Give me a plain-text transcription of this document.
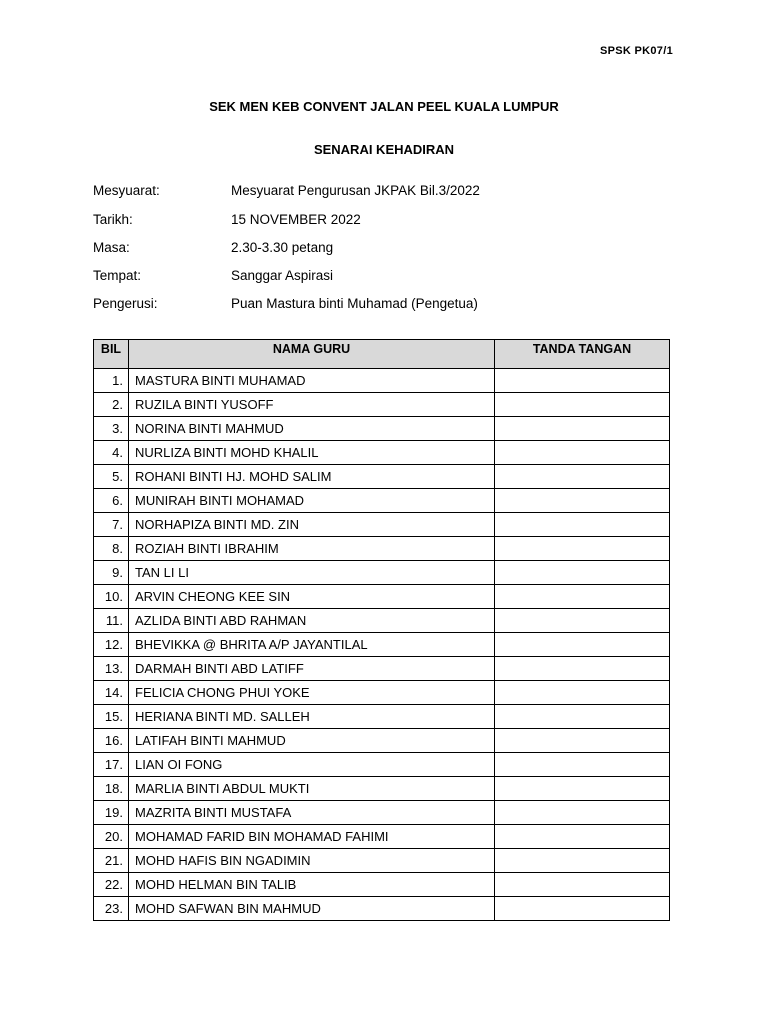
SPSK PK07/1
SEK MEN KEB CONVENT JALAN PEEL KUALA LUMPUR
SENARAI KEHADIRAN
Mesyuarat:	Mesyuarat Pengurusan JKPAK Bil.3/2022
Tarikh:	15 NOVEMBER 2022
Masa:	2.30-3.30 petang
Tempat:	Sanggar Aspirasi
Pengerusi:	Puan Mastura binti Muhamad (Pengetua)
BIL	NAMA GURU	TANDA TANGAN
1.	MASTURA BINTI MUHAMAD	
2.	RUZILA BINTI YUSOFF	
3.	NORINA BINTI MAHMUD	
4.	NURLIZA BINTI MOHD KHALIL	
5.	ROHANI BINTI HJ. MOHD SALIM	
6.	MUNIRAH BINTI MOHAMAD	
7.	NORHAPIZA BINTI MD. ZIN	
8.	ROZIAH BINTI IBRAHIM	
9.	TAN LI LI	
10.	ARVIN CHEONG KEE SIN	
11.	AZLIDA BINTI ABD RAHMAN	
12.	BHEVIKKA @ BHRITA A/P JAYANTILAL	
13.	DARMAH BINTI ABD LATIFF	
14.	FELICIA CHONG PHUI YOKE	
15.	HERIANA BINTI MD. SALLEH	
16.	LATIFAH BINTI MAHMUD	
17.	LIAN OI FONG	
18.	MARLIA BINTI ABDUL MUKTI	
19.	MAZRITA BINTI MUSTAFA	
20.	MOHAMAD FARID BIN MOHAMAD FAHIMI	
21.	MOHD HAFIS BIN NGADIMIN	
22.	MOHD HELMAN BIN TALIB	
23.	MOHD SAFWAN BIN MAHMUD	
